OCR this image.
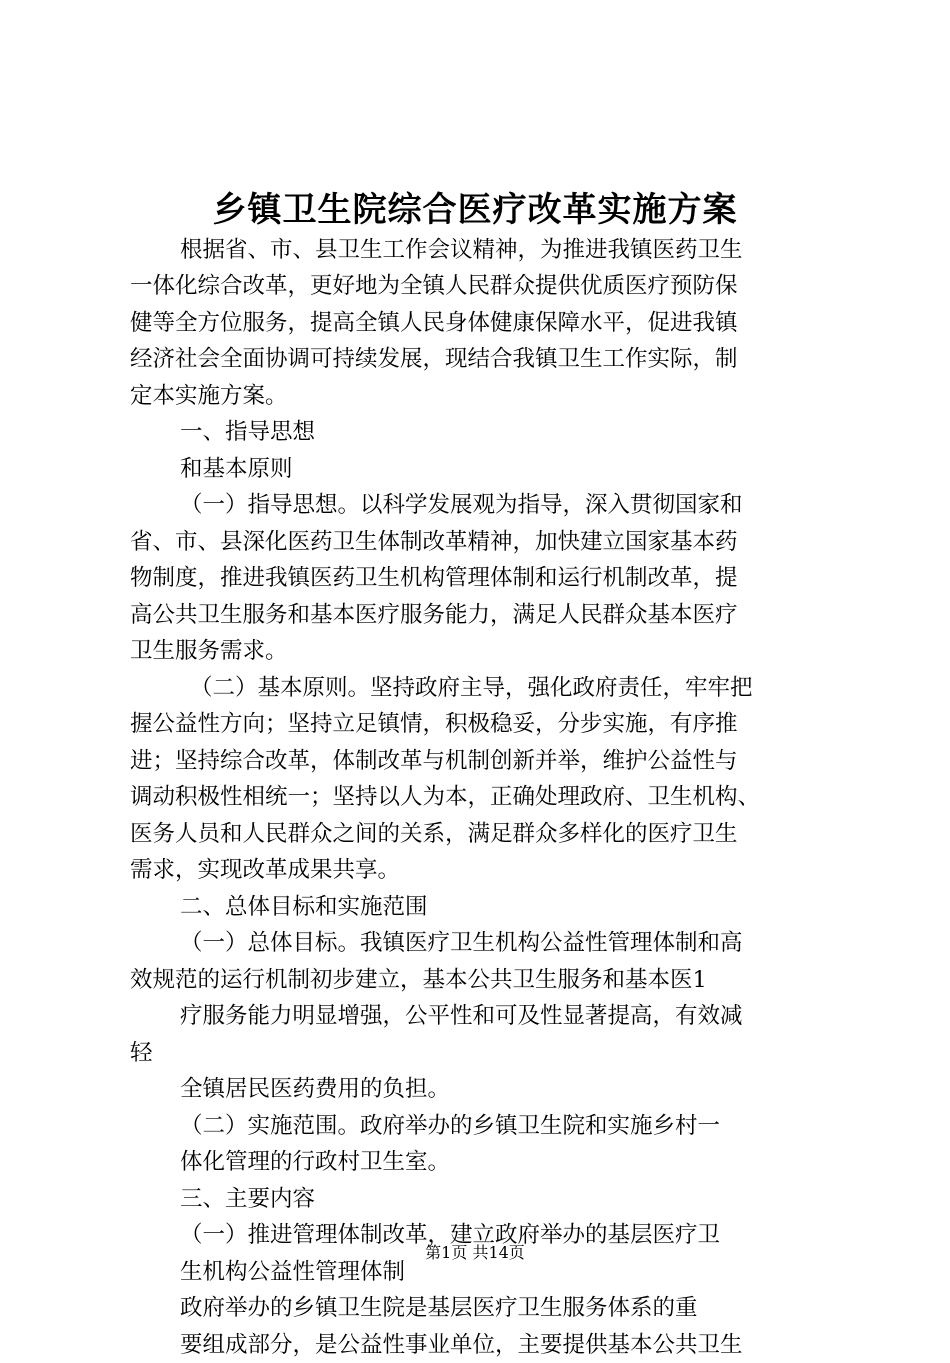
乡镇卫生院综合医疗改革实施方案
根据省、市、县卫生工作会议精神，为推进我镇医药卫生
一体化综合改革，更好地为全镇人民群众提供优质医疗预防保
健等全方位服务，提高全镇人民身体健康保障水平，促进我镇
经济社会全面协调可持续发展，现结合我镇卫生工作实际，制
定本实施方案。
一、指导思想
和基本原则
（一）指导思想。以科学发展观为指导，深入贯彻国家和
省、市、县深化医药卫生体制改革精神，加快建立国家基本药
物制度，推进我镇医药卫生机构管理体制和运行机制改革，提
高公共卫生服务和基本医疗服务能力，满足人民群众基本医疗
卫生服务需求。
（二）基本原则。坚持政府主导，强化政府责任，牢牢把
握公益性方向；坚持立足镇情，积极稳妥，分步实施，有序推
进；坚持综合改革，体制改革与机制创新并举，维护公益性与
调动积极性相统一；坚持以人为本，正确处理政府、卫生机构、
医务人员和人民群众之间的关系，满足群众多样化的医疗卫生
需求，实现改革成果共享。
二、总体目标和实施范围
（一）总体目标。我镇医疗卫生机构公益性管理体制和高
效规范的运行机制初步建立，基本公共卫生服务和基本医1
疗服务能力明显增强，公平性和可及性显著提高，有效减
轻
全镇居民医药费用的负担。
（二）实施范围。政府举办的乡镇卫生院和实施乡村一
体化管理的行政村卫生室。
三、主要内容
（一）推进管理体制改革，建立政府举办的基层医疗卫
生机构公益性管理体制
政府举办的乡镇卫生院是基层医疗卫生服务体系的重
要组成部分，是公益性事业单位，主要提供基本公共卫生
第1页 共14页
